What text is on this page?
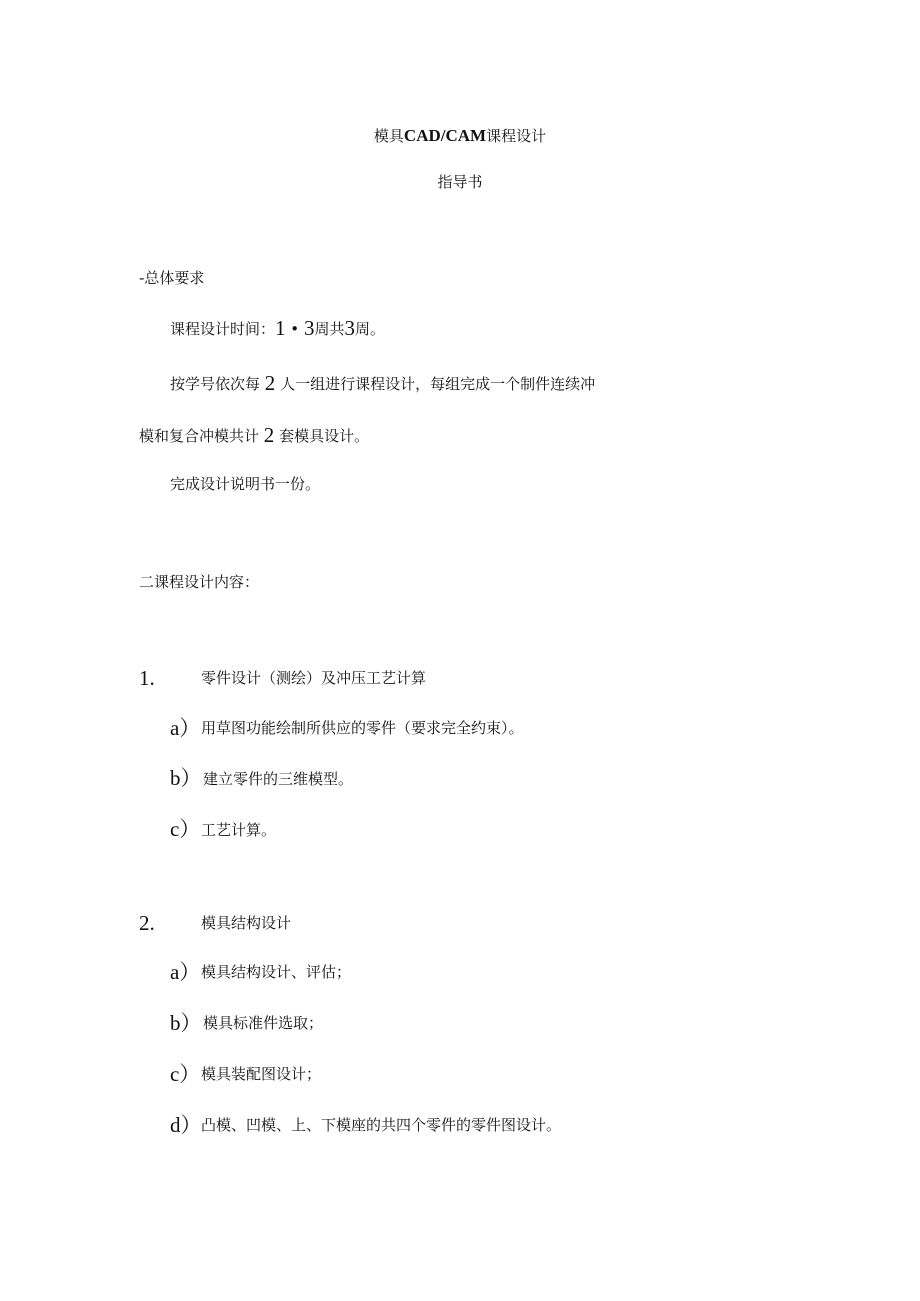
模具CAD/CAM课程设计
指导书
-总体要求
课程设计时间：1 • 3周共3周。
按学号依次每 2 人一组进行课程设计，每组完成一个制件连续冲
模和复合冲模共计 2 套模具设计。
完成设计说明书一份。
二课程设计内容：
1.	零件设计（测绘）及冲压工艺计算
a） 用草图功能绘制所供应的零件（要求完全约束）。
b） 建立零件的三维模型。
c） 工艺计算。
2.	模具结构设计
a） 模具结构设计、评估；
b） 模具标准件选取；
c） 模具装配图设计；
d） 凸模、凹模、上、下模座的共四个零件的零件图设计。
